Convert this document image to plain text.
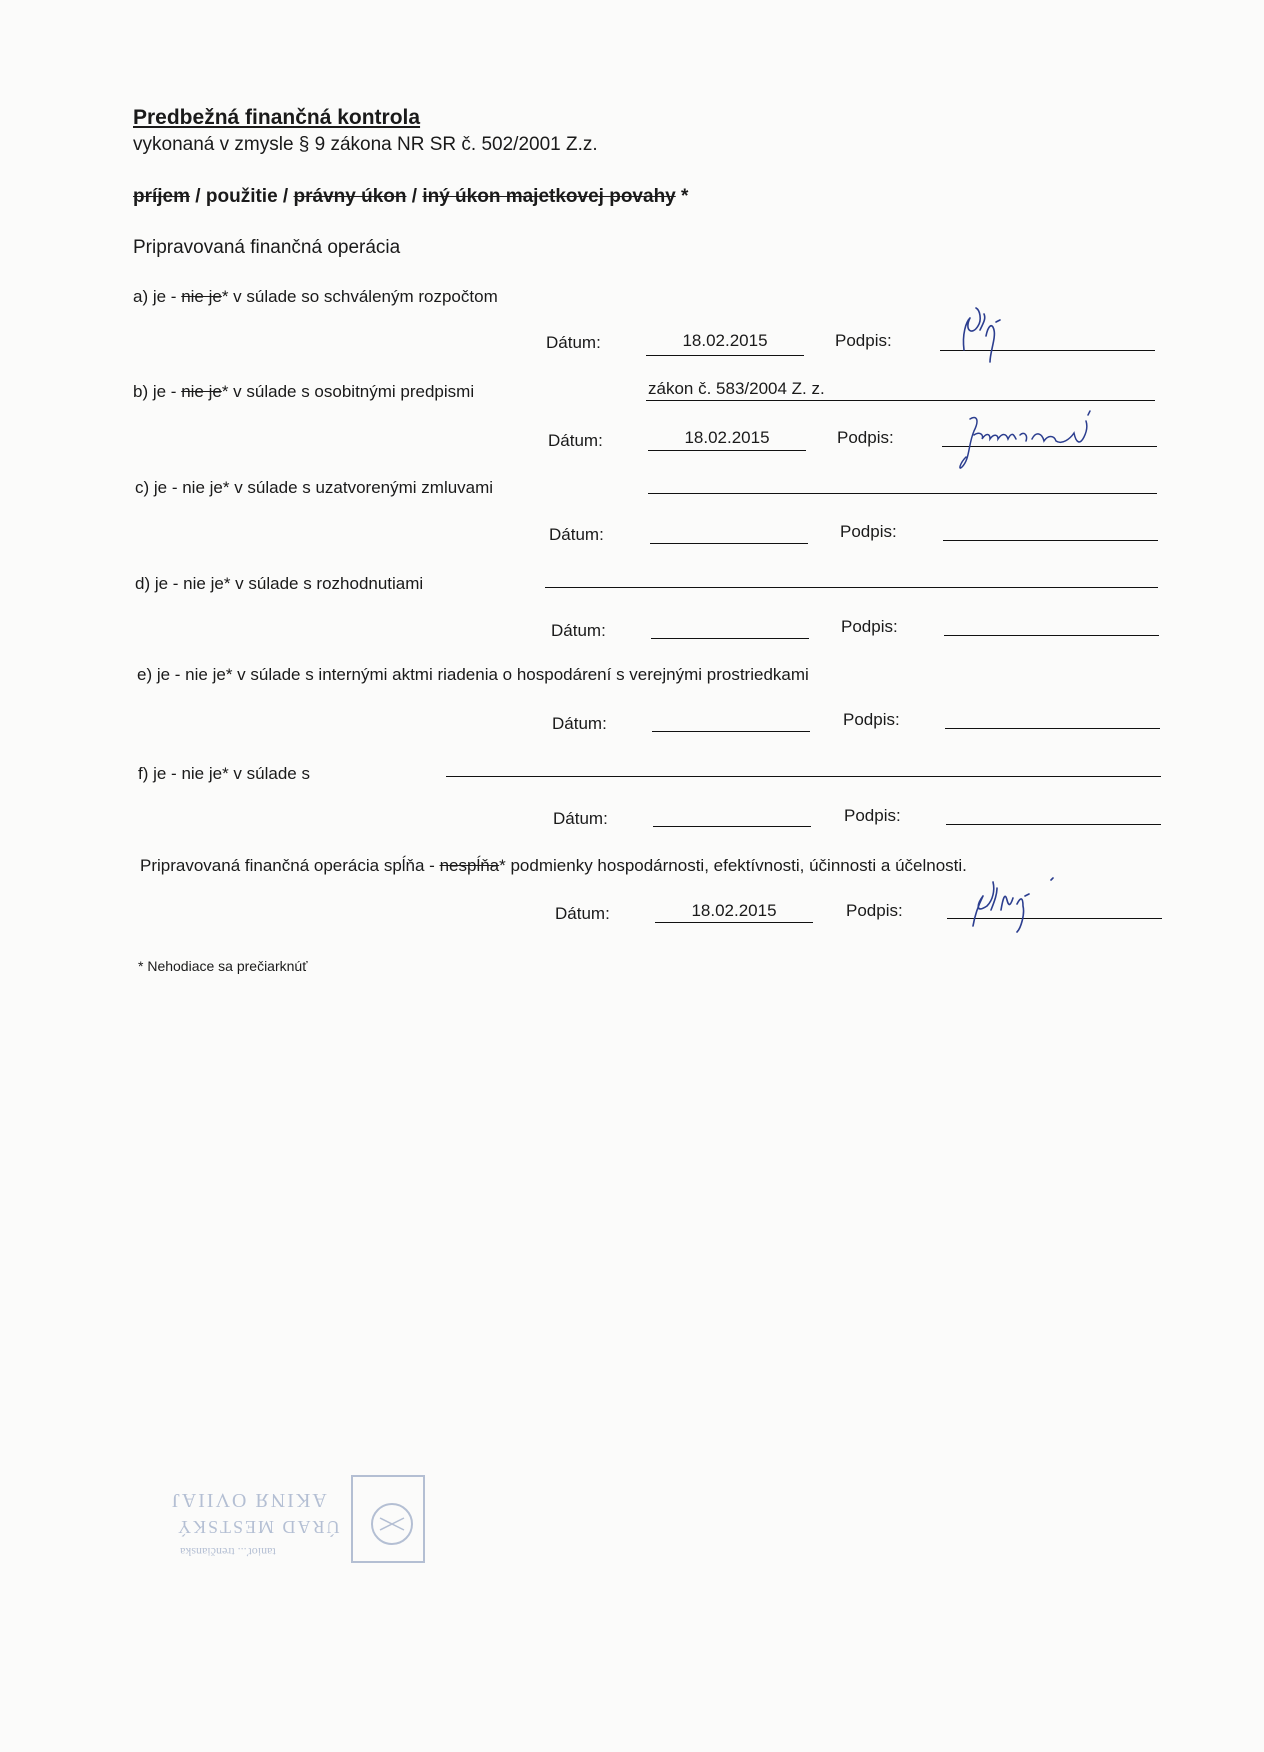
Predbežná finančná kontrola
vykonaná v zmysle § 9 zákona NR SR č. 502/2001 Z.z.
príjem / použitie / právny úkon / iný úkon majetkovej povahy *
Pripravovaná finančná operácia
a) je - nie je* v súlade so schváleným rozpočtom
Dátum:	18.02.2015	Podpis:
b) je - nie je* v súlade s osobitnými predpismi	zákon č. 583/2004 Z. z.
Dátum:	18.02.2015	Podpis:
c) je - nie je* v súlade s uzatvorenými zmluvami
Dátum:	Podpis:
d) je - nie je* v súlade s rozhodnutiami
Dátum:	Podpis:
e) je - nie je* v súlade s internými aktmi riadenia o hospodárení s verejnými prostriedkami
Dátum:	Podpis:
f) je - nie je* v súlade s
Dátum:	Podpis:
Pripravovaná finančná operácia spĺňa - nespĺňa* podmienky hospodárnosti, efektívnosti, účinnosti a účelnosti.
Dátum:	18.02.2015	Podpis:
* Nehodiace sa prečiarknúť
AKINЯ OVIIAJ
ÚRAD MESTSKÝ
tanioť... trenčianska
